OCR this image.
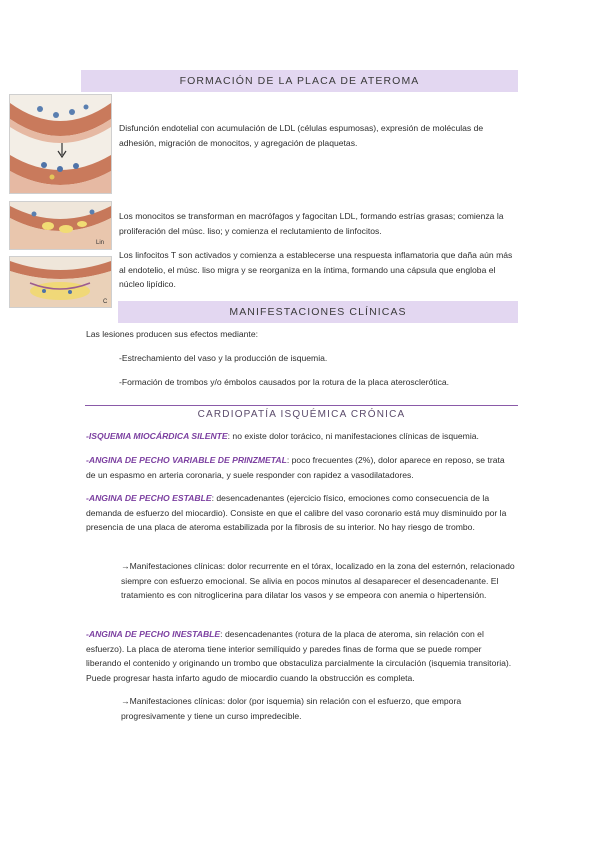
FORMACIÓN DE LA PLACA DE ATEROMA
Disfunción endotelial con acumulación de LDL (células espumosas), expresión de moléculas de adhesión, migración de monocitos, y agregación de plaquetas.
Lin
Los monocitos se transforman en macrófagos y fagocitan LDL, formando estrías grasas; comienza la proliferación del músc. liso; y comienza el reclutamiento de linfocitos.
C
Los linfocitos T son activados y comienza a establecerse una respuesta inflamatoria que daña aún más al endotelio, el músc. liso migra y se reorganiza en la íntima, formando una cápsula que engloba el núcleo lipídico.
MANIFESTACIONES CLÍNICAS
Las lesiones producen sus efectos mediante:
-Estrechamiento del vaso y la producción de isquemia.
-Formación de trombos y/o émbolos causados por la rotura de la placa aterosclerótica.
CARDIOPATÍA ISQUÉMICA CRÓNICA
-ISQUEMIA MIOCÁRDICA SILENTE: no existe dolor torácico, ni manifestaciones clínicas de isquemia.
-ANGINA DE PECHO VARIABLE DE PRINZMETAL: poco frecuentes (2%), dolor aparece en reposo, se trata de un espasmo en arteria coronaria, y suele responder con rapidez a vasodilatadores.
-ANGINA DE PECHO ESTABLE: desencadenantes (ejercicio físico, emociones como consecuencia de la demanda de esfuerzo del miocardio). Consiste en que el calibre del vaso coronario está muy disminuido por la presencia de una placa de ateroma estabilizada por la fibrosis de su interior. No hay riesgo de trombo.
→Manifestaciones clínicas: dolor recurrente en el tórax, localizado en la zona del esternón, relacionado siempre con esfuerzo emocional. Se alivia en pocos minutos al desaparecer el desencadenante. El tratamiento es con nitroglicerina para dilatar los vasos y se empeora con anemia o hipertensión.
-ANGINA DE PECHO INESTABLE: desencadenantes (rotura de la placa de ateroma, sin relación con el esfuerzo). La placa de ateroma tiene interior semilíquido y paredes finas de forma que se puede romper liberando el contenido y originando un trombo que obstaculiza parcialmente la circulación (isquemia transitoria). Puede progresar hasta infarto agudo de miocardio cuando la obstrucción es completa.
→Manifestaciones clínicas: dolor (por isquemia) sin relación con el esfuerzo, que empora progresivamente y tiene un curso impredecible.
